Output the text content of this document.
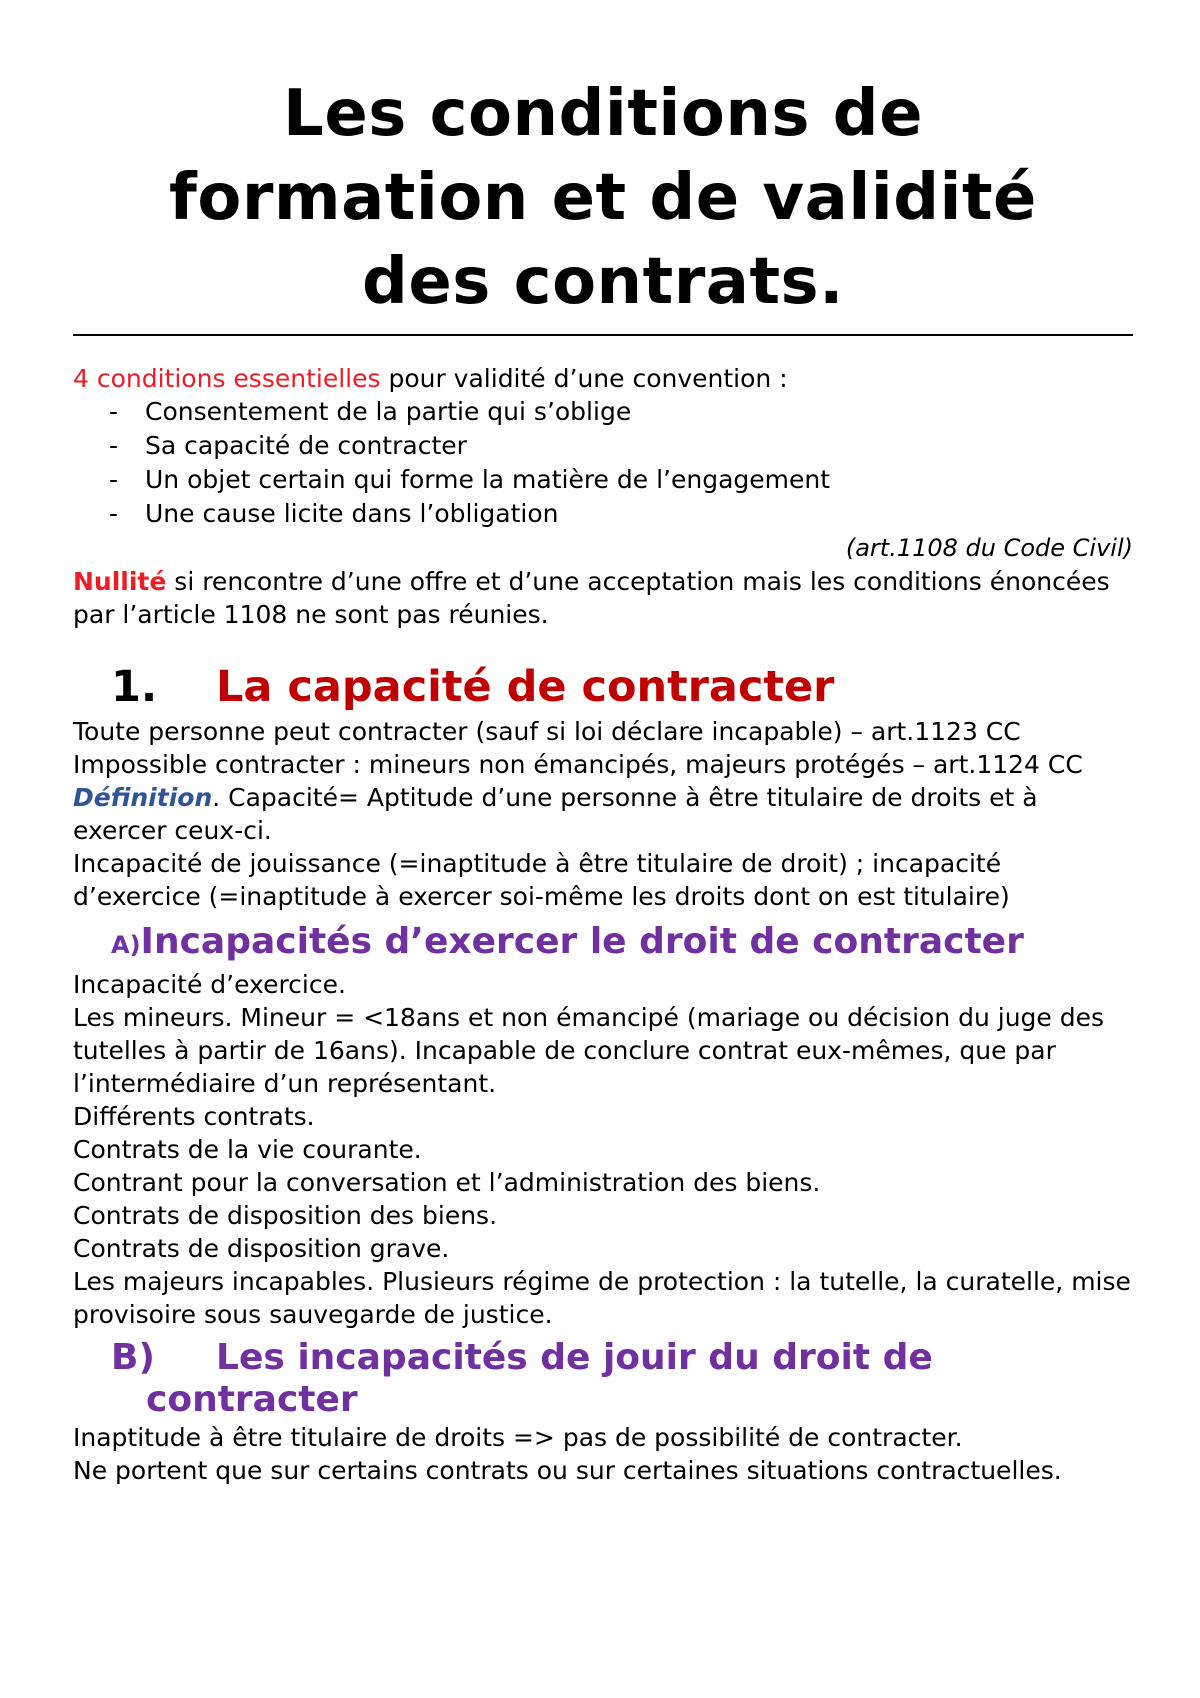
Les conditions de
formation et de validité
des contrats.

4 conditions essentielles pour validité d’une convention :

- Consentement de la partie qui s’oblige
- Sa capacité de contracter
- Un objet certain qui forme la matière de l’engagement
- Une cause licite dans l’obligation

(art.1108 du Code Civil)

Nullité si rencontre d’une offre et d’une acceptation mais les conditions énoncées par l’article 1108 ne sont pas réunies.

1. La capacité de contracter

Toute personne peut contracter (sauf si loi déclare incapable) – art.1123 CC

Impossible contracter : mineurs non émancipés, majeurs protégés – art.1124 CC

Définition. Capacité= Aptitude d’une personne à être titulaire de droits et à exercer ceux-ci.

Incapacité de jouissance (=inaptitude à être titulaire de droit) ; incapacité d’exercice (=inaptitude à exercer soi-même les droits dont on est titulaire)

A)Incapacités d’exercer le droit de contracter

Incapacité d’exercice.

Les mineurs. Mineur = <18ans et non émancipé (mariage ou décision du juge des tutelles à partir de 16ans). Incapable de conclure contrat eux-mêmes, que par l’intermédiaire d’un représentant.

Différents contrats.

Contrats de la vie courante.

Contrant pour la conversation et l’administration des biens.

Contrats de disposition des biens.

Contrats de disposition grave.

Les majeurs incapables. Plusieurs régime de protection : la tutelle, la curatelle, mise provisoire sous sauvegarde de justice.

B) Les incapacités de jouir du droit de
contracter

Inaptitude à être titulaire de droits => pas de possibilité de contracter.

Ne portent que sur certains contrats ou sur certaines situations contractuelles.
